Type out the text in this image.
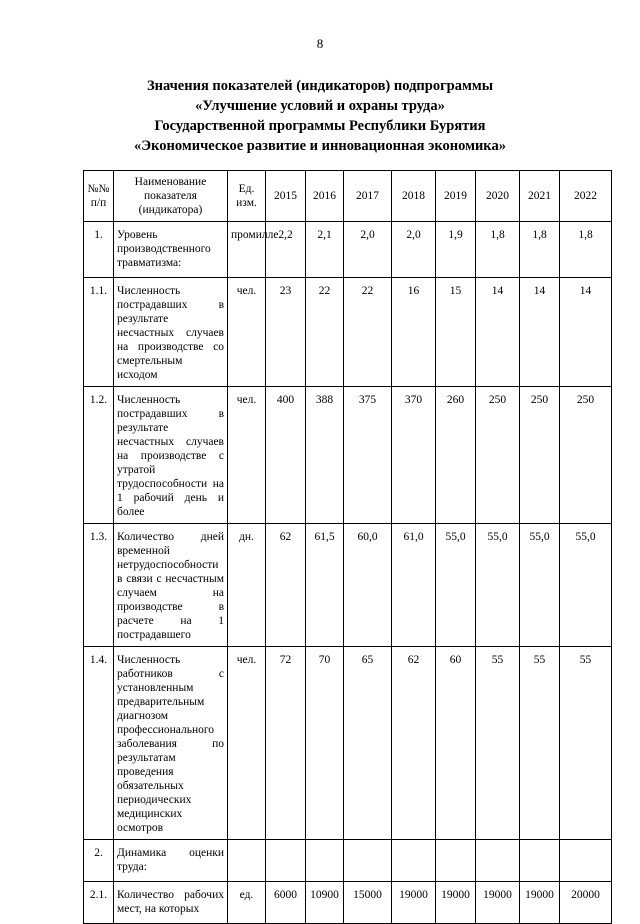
8
Значения показателей (индикаторов) подпрограммы
«Улучшение условий и охраны труда»
Государственной программы Республики Бурятия
«Экономическое развитие и инновационная экономика»
№№ п/п	Наименование показателя (индикатора)	Ед. изм.	2015	2016	2017	2018	2019	2020	2021	2022
1.	Уровень производственного травматизма:	промилле	2,2	2,1	2,0	2,0	1,9	1,8	1,8	1,8
1.1.	Численность пострадавших в результате несчастных случаев на производстве со смертельным исходом	чел.	23	22	22	16	15	14	14	14
1.2.	Численность пострадавших в результате несчастных случаев на производстве с утратой трудоспособности на 1 рабочий день и более	чел.	400	388	375	370	260	250	250	250
1.3.	Количество дней временной нетрудоспособности в связи с несчастным случаем на производстве в расчете на 1 пострадавшего	дн.	62	61,5	60,0	61,0	55,0	55,0	55,0	55,0
1.4.	Численность работников с установленным предварительным диагнозом профессионального заболевания по результатам проведения обязательных периодических медицинских осмотров	чел.	72	70	65	62	60	55	55	55
2.	Динамика оценки труда:									
2.1.	Количество рабочих мест, на которых	ед.	6000	10900	15000	19000	19000	19000	19000	20000
